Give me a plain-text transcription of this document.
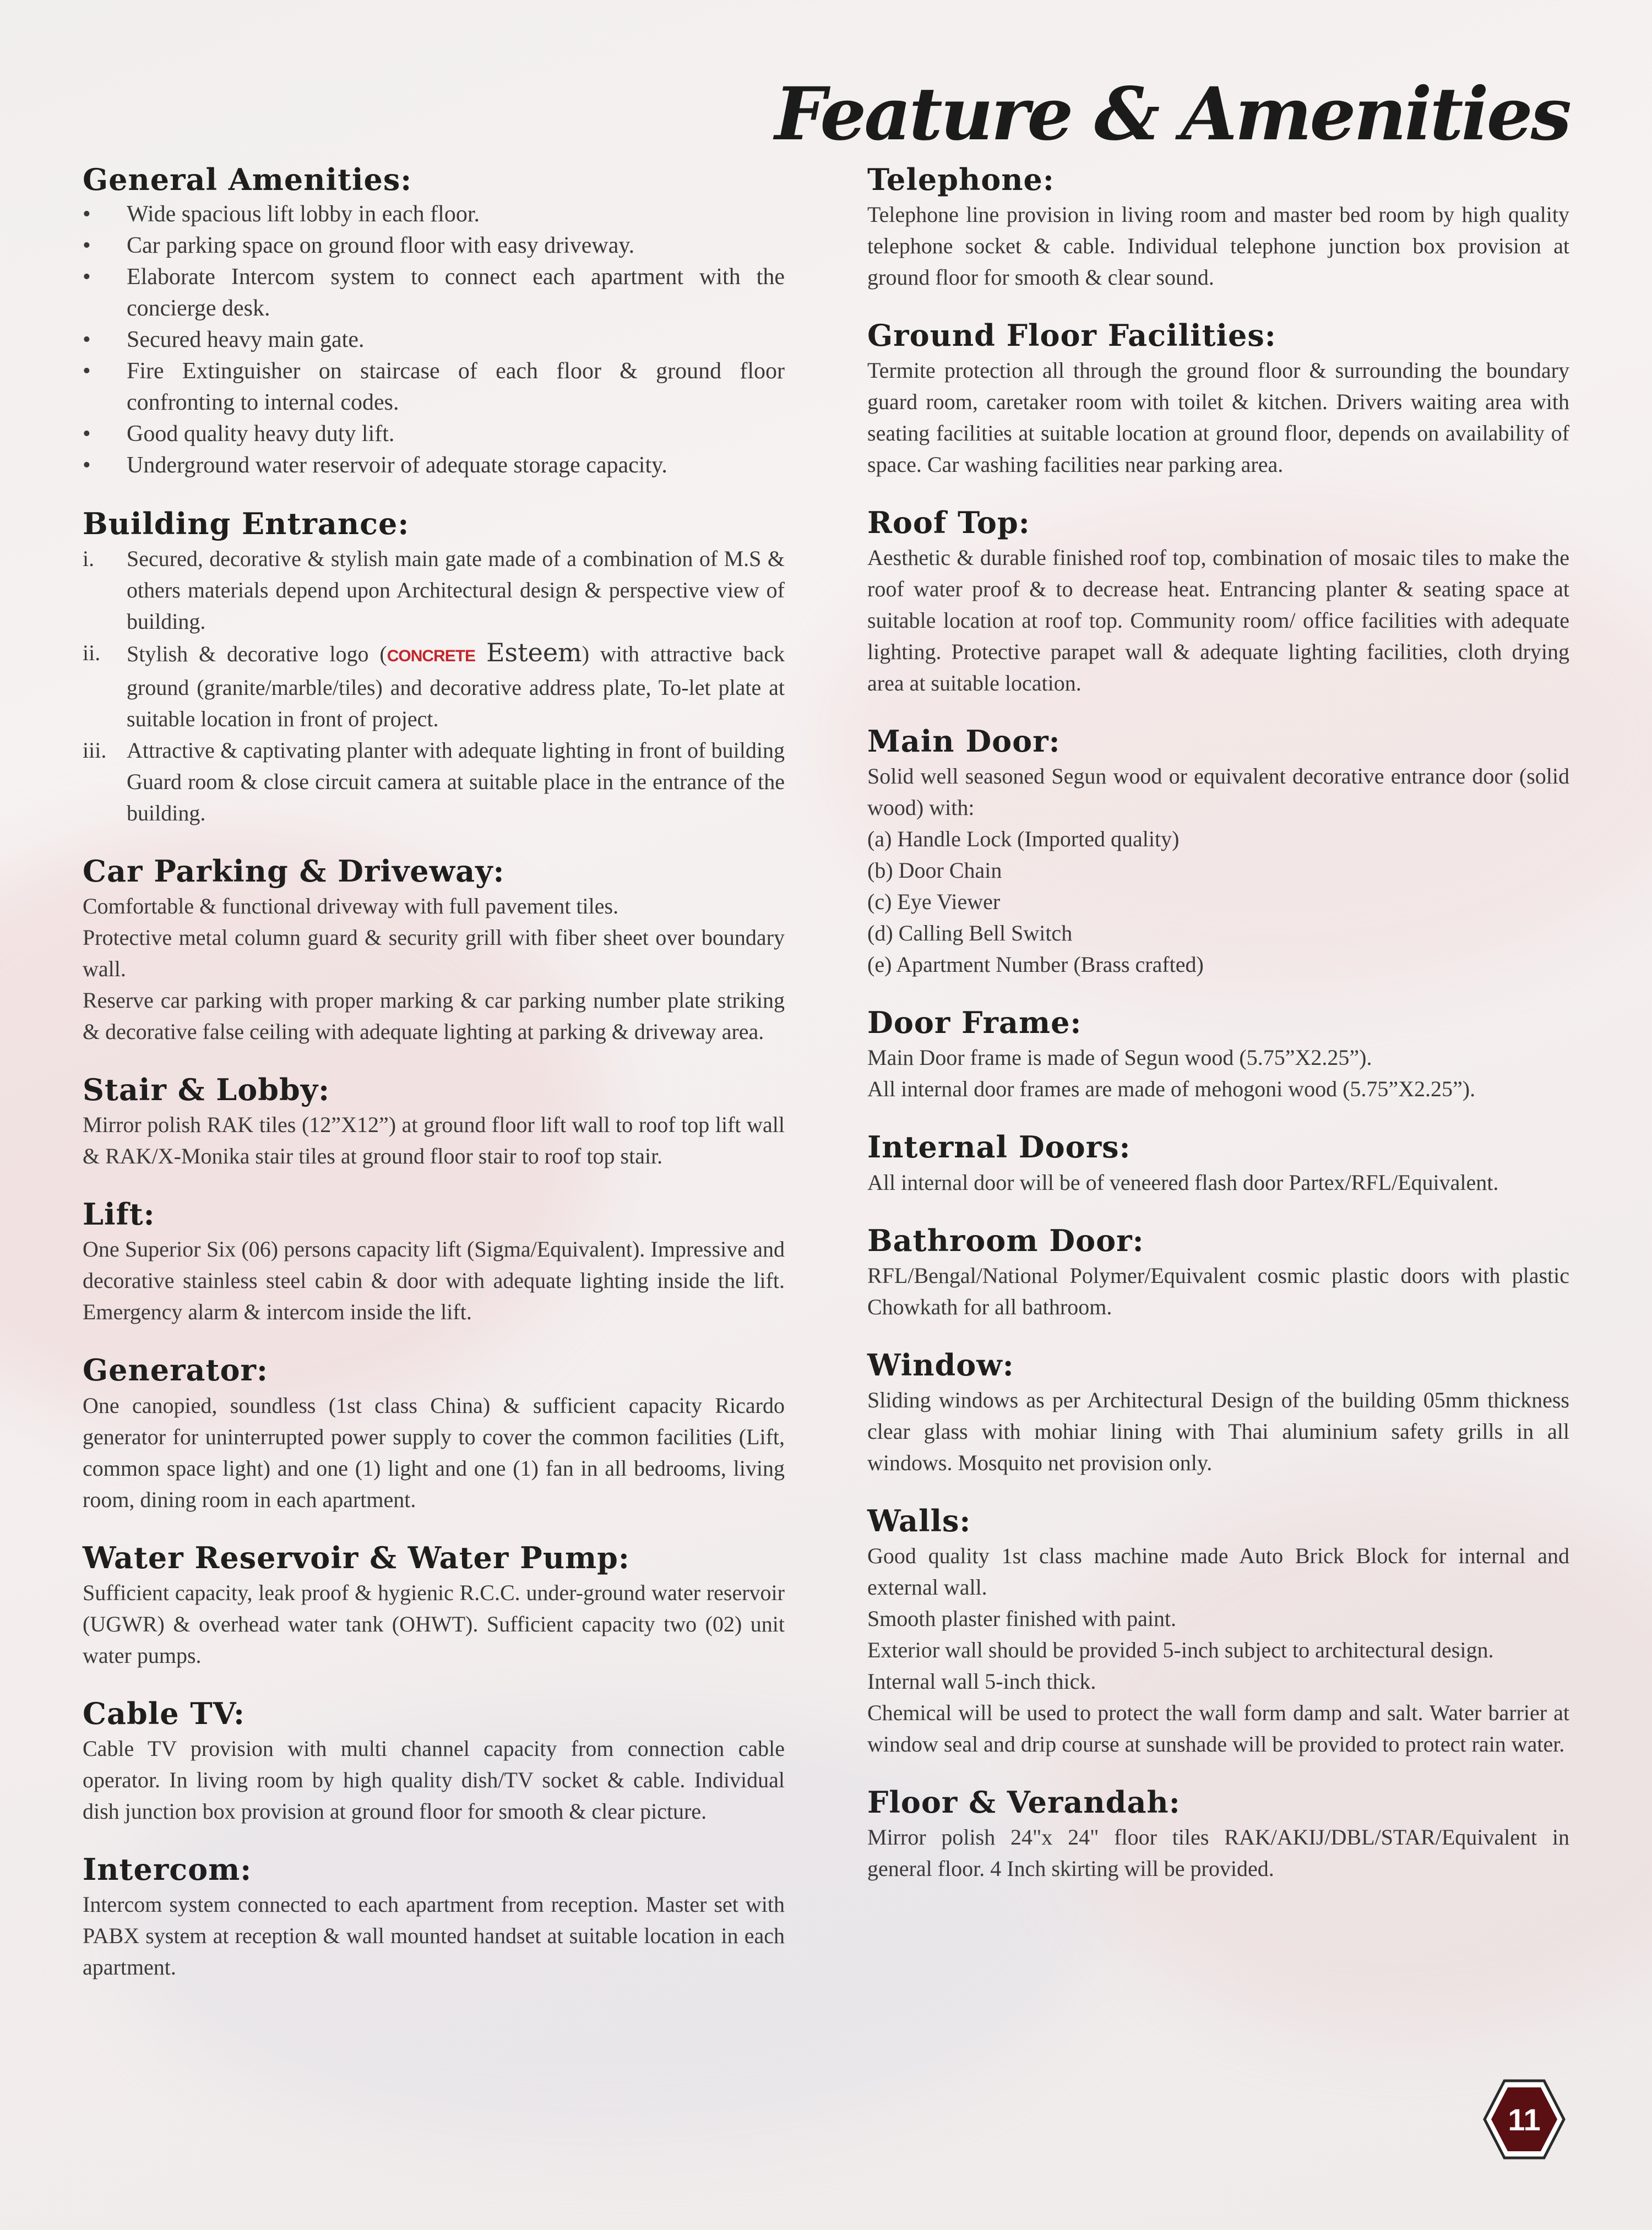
Feature & Amenities
General Amenities:
• Wide spacious lift lobby in each floor.
• Car parking space on ground floor with easy driveway.
• Elaborate Intercom system to connect each apartment with the concierge desk.
• Secured heavy main gate.
• Fire Extinguisher on staircase of each floor & ground floor confronting to internal codes.
• Good quality heavy duty lift.
• Underground water reservoir of adequate storage capacity.
Building Entrance:
i. Secured, decorative & stylish main gate made of a combination of M.S & others materials depend upon Architectural design & perspective view of building.
ii. Stylish & decorative logo (CONCRETE Esteem) with attractive back ground (granite/marble/tiles) and decorative address plate, To-let plate at suitable location in front of project.
iii. Attractive & captivating planter with adequate lighting in front of building Guard room & close circuit camera at suitable place in the entrance of the building.
Car Parking & Driveway:

Comfortable & functional driveway with full pavement tiles.

Protective metal column guard & security grill with fiber sheet over boundary wall.

Reserve car parking with proper marking & car parking number plate striking & decorative false ceiling with adequate lighting at parking & driveway area.

Stair & Lobby:

Mirror polish RAK tiles (12”X12”) at ground floor lift wall to roof top lift wall & RAK/X-Monika stair tiles at ground floor stair to roof top stair.

Lift:

One Superior Six (06) persons capacity lift (Sigma/Equivalent). Impressive and decorative stainless steel cabin & door with adequate lighting inside the lift. Emergency alarm & intercom inside the lift.

Generator:

One canopied, soundless (1st class China) & sufficient capacity Ricardo generator for uninterrupted power supply to cover the common facilities (Lift, common space light) and one (1) light and one (1) fan in all bedrooms, living room, dining room in each apartment.

Water Reservoir & Water Pump:

Sufficient capacity, leak proof & hygienic R.C.C. under-ground water reservoir (UGWR) & overhead water tank (OHWT). Sufficient capacity two (02) unit water pumps.

Cable TV:

Cable TV provision with multi channel capacity from connection cable operator. In living room by high quality dish/TV socket & cable. Individual dish junction box provision at ground floor for smooth & clear picture.

Intercom:

Intercom system connected to each apartment from reception. Master set with PABX system at reception & wall mounted handset at suitable location in each apartment.

Telephone:

Telephone line provision in living room and master bed room by high quality telephone socket & cable. Individual telephone junction box provision at ground floor for smooth & clear sound.

Ground Floor Facilities:

Termite protection all through the ground floor & surrounding the boundary guard room, caretaker room with toilet & kitchen. Drivers waiting area with seating facilities at suitable location at ground floor, depends on availability of space. Car washing facilities near parking area.

Roof Top:

Aesthetic & durable finished roof top, combination of mosaic tiles to make the roof water proof & to decrease heat. Entrancing planter & seating space at suitable location at roof top. Community room/ office facilities with adequate lighting. Protective parapet wall & adequate lighting facilities, cloth drying area at suitable location.

Main Door:

Solid well seasoned Segun wood or equivalent decorative entrance door (solid wood) with:

(a) Handle Lock (Imported quality)

(b) Door Chain

(c) Eye Viewer

(d) Calling Bell Switch

(e) Apartment Number (Brass crafted)

Door Frame:

Main Door frame is made of Segun wood (5.75”X2.25”).

All internal door frames are made of mehogoni wood (5.75”X2.25”).

Internal Doors:

All internal door will be of veneered flash door Partex/RFL/Equivalent.

Bathroom Door:

RFL/Bengal/National Polymer/Equivalent cosmic plastic doors with plastic Chowkath for all bathroom.

Window:

Sliding windows as per Architectural Design of the building 05mm thickness clear glass with mohiar lining with Thai aluminium safety grills in all windows. Mosquito net provision only.

Walls:

Good quality 1st class machine made Auto Brick Block for internal and external wall.

Smooth plaster finished with paint.

Exterior wall should be provided 5-inch subject to architectural design.

Internal wall 5-inch thick.

Chemical will be used to protect the wall form damp and salt. Water barrier at window seal and drip course at sunshade will be provided to protect rain water.

Floor & Verandah:

Mirror polish 24"x 24" floor tiles RAK/AKIJ/DBL/STAR/Equivalent in general floor. 4 Inch skirting will be provided.

11
